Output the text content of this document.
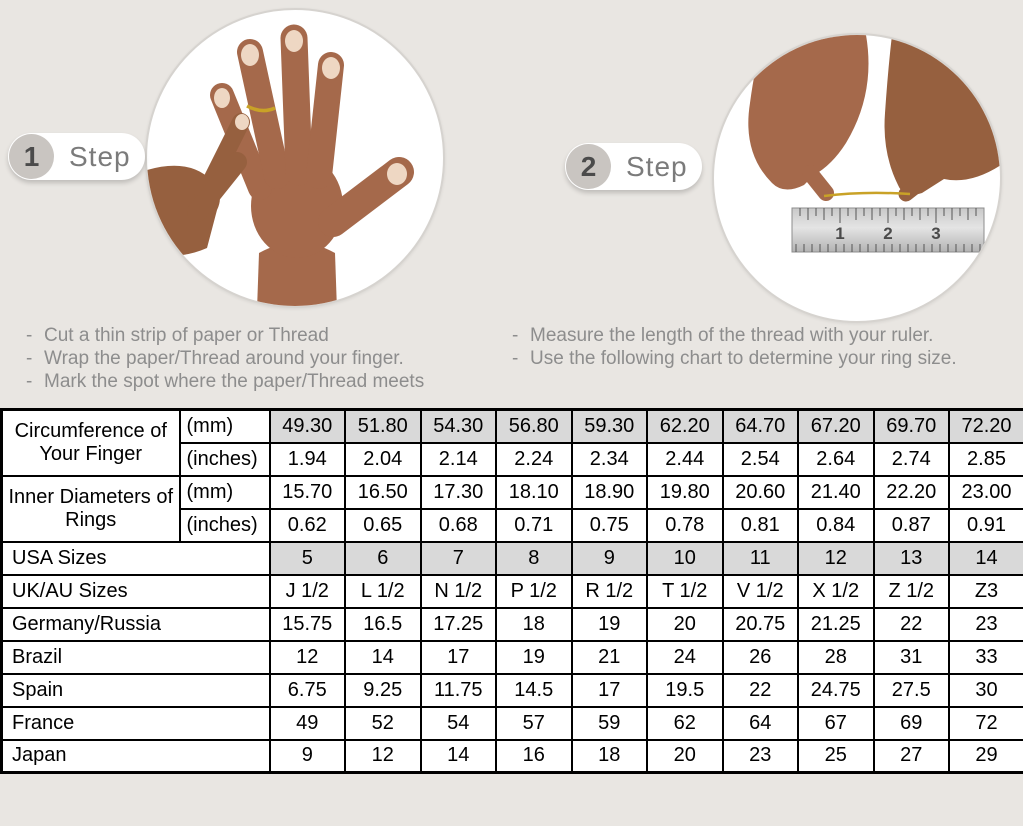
1 2 3
1	Step	2	Step
- Cut a thin strip of paper or Thread
- Wrap the paper/Thread around your finger.
- Mark the spot where the paper/Thread meets
- Measure the length of the thread with your ruler.
- Use the following chart to determine your ring size.
Circumference of Your Finger	(mm)	49.30	51.80	54.30	56.80	59.30	62.20	64.70	67.20	69.70	72.20
	(inches)	1.94	2.04	2.14	2.24	2.34	2.44	2.54	2.64	2.74	2.85
Inner Diameters of Rings	(mm)	15.70	16.50	17.30	18.10	18.90	19.80	20.60	21.40	22.20	23.00
	(inches)	0.62	0.65	0.68	0.71	0.75	0.78	0.81	0.84	0.87	0.91
USA Sizes		5	6	7	8	9	10	11	12	13	14
UK/AU Sizes		J 1/2	L 1/2	N 1/2	P 1/2	R 1/2	T 1/2	V 1/2	X 1/2	Z 1/2	Z3
Germany/Russia		15.75	16.5	17.25	18	19	20	20.75	21.25	22	23
Brazil		12	14	17	19	21	24	26	28	31	33
Spain		6.75	9.25	11.75	14.5	17	19.5	22	24.75	27.5	30
France		49	52	54	57	59	62	64	67	69	72
Japan		9	12	14	16	18	20	23	25	27	29
